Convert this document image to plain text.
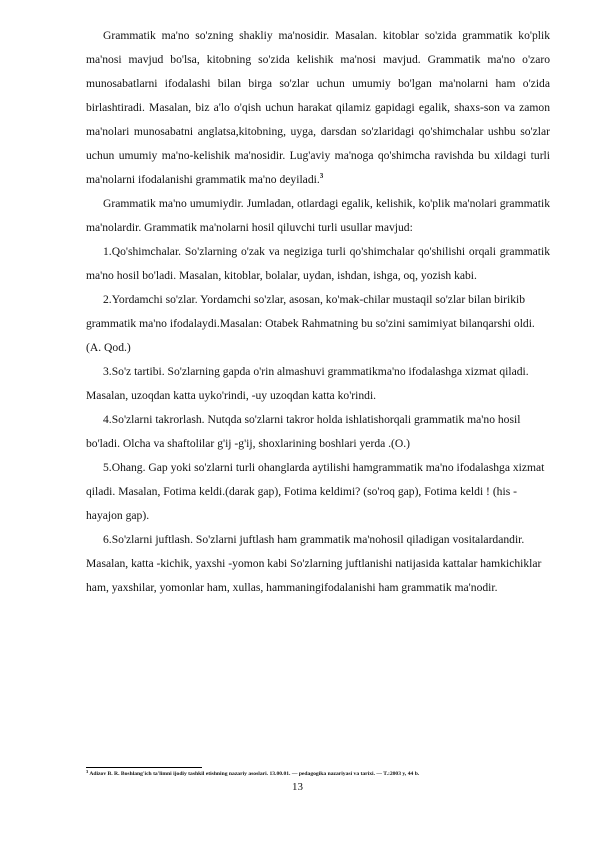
Grammatik ma'no so'zning shakliy ma'nosidir. Masalan. kitoblar so'zida grammatik ko'plik ma'nosi mavjud bo'lsa, kitobning so'zida kelishik ma'nosi mavjud. Grammatik ma'no o'zaro munosabatlarni ifodalashi bilan birga so'zlar uchun umumiy bo'lgan ma'nolarni ham o'zida birlashtiradi. Masalan, biz a'lo o'qish uchun harakat qilamiz gapidagi egalik, shaxs-son va zamon ma'nolari munosabatni anglatsa,kitobning, uyga, darsdan so'zlaridagi qo'shimchalar ushbu so'zlar uchun umumiy ma'no-kelishik ma'nosidir. Lug'aviy ma'noga qo'shimcha ravishda bu xildagi turli ma'nolarni ifodalanishi grammatik ma'no deyiladi.$^3$

Grammatik ma'no umumiydir. Jumladan, otlardagi egalik, kelishik, ko'plik ma'nolari grammatik ma'nolardir. Grammatik ma'nolarni hosil qiluvchi turli usullar mavjud:

1.Qo'shimchalar. So'zlarning o'zak va negiziga turli qo'shimchalar qo'shilishi orqali grammatik ma'no hosil bo'ladi. Masalan, kitoblar, bolalar, uydan, ishdan, ishga, oq, yozish kabi.

2.Yordamchi so'zlar. Yordamchi so'zlar, asosan, ko'mak-chilar mustaqil so'zlar bilan birikib grammatik ma'no ifodalaydi.Masalan: Otabek Rahmatning bu so'zini samimiyat bilanqarshi oldi. (A. Qod.)

3.So'z tartibi. So'zlarning gapda o'rin almashuvi grammatikma'no ifodalashga xizmat qiladi. Masalan, uzoqdan katta uyko'rindi, -uy uzoqdan katta ko'rindi.

4.So'zlarni takrorlash. Nutqda so'zlarni takror holda ishlatishorqali grammatik ma'no hosil bo'ladi. Olcha va shaftolilar g'ij -g'ij, shoxlarining boshlari yerda .(O.)

5.Ohang. Gap yoki so'zlarni turli ohanglarda aytilishi hamgrammatik ma'no ifodalashga xizmat qiladi. Masalan, Fotima keldi.(darak gap), Fotima keldimi? (so'roq gap), Fotima keldi ! (his -hayajon gap).

6.So'zlarni juftlash. So'zlarni juftlash ham grammatik ma'nohosil qiladigan vositalardandir. Masalan, katta -kichik, yaxshi -yomon kabi So'zlarning juftlanishi natijasida kattalar hamkichiklar ham, yaxshilar, yomonlar ham, xullas, hammaningifodalanishi ham grammatik ma'nodir.

$^3$ Adizov B. R. Boshlang'ich ta'limni ijodiy tashkil etishning nazariy asoslari. 13.00.01. — pedagogika nazariyasi va tarixi. — T.:2003 y, 44 b.
13
